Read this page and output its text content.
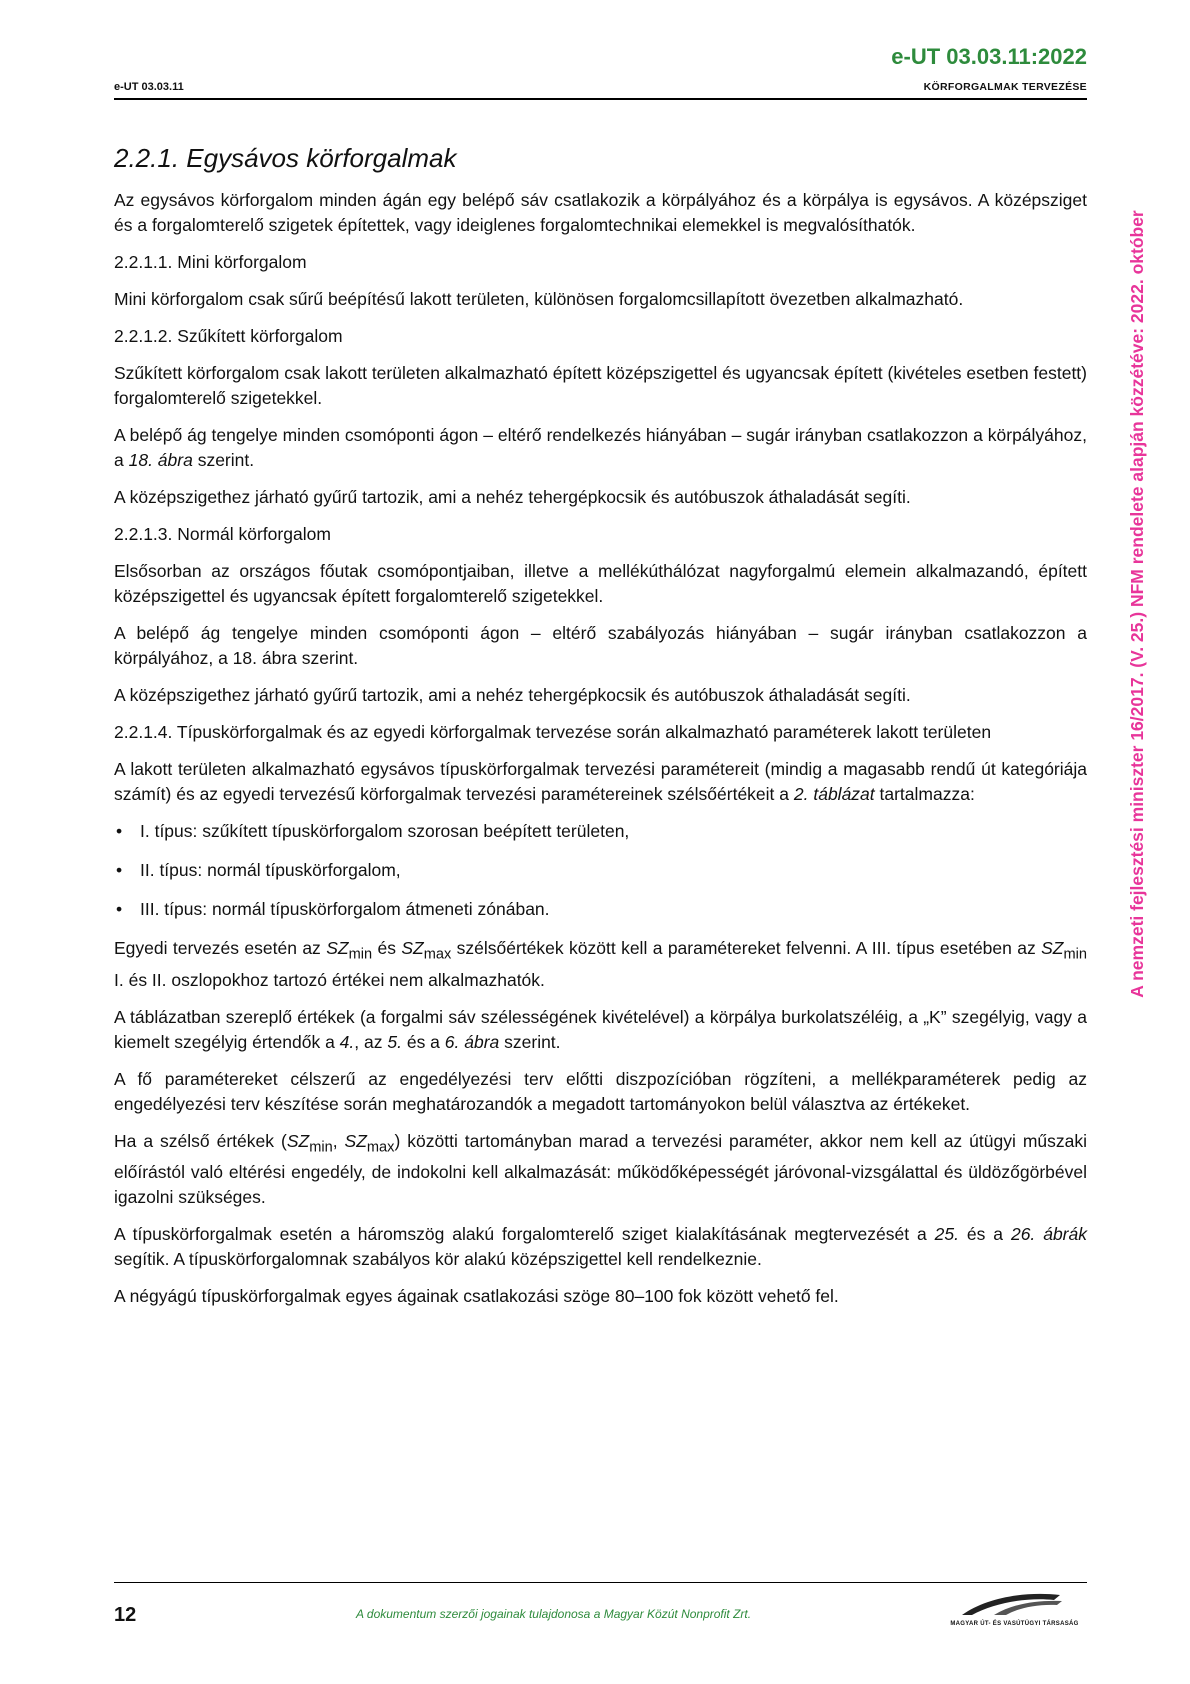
e-UT 03.03.11:2022
e-UT 03.03.11	KÖRFORGALMAK TERVEZÉSE
A nemzeti fejlesztési miniszter 16/2017. (V. 25.) NFM rendelete alapján közzétéve: 2022. október
2.2.1. Egysávos körforgalmak

Az egysávos körforgalom minden ágán egy belépő sáv csatlakozik a körpályához és a körpálya is egysávos. A középsziget és a forgalomterelő szigetek építettek, vagy ideiglenes forgalomtechnikai elemekkel is megvalósíthatók.

2.2.1.1. Mini körforgalom

Mini körforgalom csak sűrű beépítésű lakott területen, különösen forgalomcsillapított övezetben alkalmazható.

2.2.1.2. Szűkített körforgalom

Szűkített körforgalom csak lakott területen alkalmazható épített középszigettel és ugyancsak épített (kivételes esetben festett) forgalomterelő szigetekkel.

A belépő ág tengelye minden csomóponti ágon – eltérő rendelkezés hiányában – sugár irányban csatlakozzon a körpályához, a 18. ábra szerint.

A középszigethez járható gyűrű tartozik, ami a nehéz tehergépkocsik és autóbuszok áthaladását segíti.

2.2.1.3. Normál körforgalom

Elsősorban az országos főutak csomópontjaiban, illetve a mellékúthálózat nagyforgalmú elemein alkalmazandó, épített középszigettel és ugyancsak épített forgalomterelő szigetekkel.

A belépő ág tengelye minden csomóponti ágon – eltérő szabályozás hiányában – sugár irányban csatlakozzon a körpályához, a 18. ábra szerint.

A középszigethez járható gyűrű tartozik, ami a nehéz tehergépkocsik és autóbuszok áthaladását segíti.

2.2.1.4. Típuskörforgalmak és az egyedi körforgalmak tervezése során alkalmazható paraméterek lakott területen

A lakott területen alkalmazható egysávos típuskörforgalmak tervezési paramétereit (mindig a magasabb rendű út kategóriája számít) és az egyedi tervezésű körforgalmak tervezési paramétereinek szélsőértékeit a 2. táblázat tartalmazza:

• I. típus: szűkített típuskörforgalom szorosan beépített területen,
• II. típus: normál típuskörforgalom,
• III. típus: normál típuskörforgalom átmeneti zónában.

Egyedi tervezés esetén az $SZ_{min}$ és $SZ_{max}$ szélsőértékek között kell a paramétereket felvenni. A III. típus esetében az $SZ_{min}$ I. és II. oszlopokhoz tartozó értékei nem alkalmazhatók.

A táblázatban szereplő értékek (a forgalmi sáv szélességének kivételével) a körpálya burkolatszéléig, a „K” szegélyig, vagy a kiemelt szegélyig értendők a 4., az 5. és a 6. ábra szerint.

A fő paramétereket célszerű az engedélyezési terv előtti diszpozícióban rögzíteni, a mellékparaméterek pedig az engedélyezési terv készítése során meghatározandók a megadott tartományokon belül választva az értékeket.

Ha a szélső értékek ($SZ_{min}$, $SZ_{max}$) közötti tartományban marad a tervezési paraméter, akkor nem kell az útügyi műszaki előírástól való eltérési engedély, de indokolni kell alkalmazását: működőképességét járóvonal-vizsgálattal és üldözőgörbével igazolni szükséges.

A típuskörforgalmak esetén a háromszög alakú forgalomterelő sziget kialakításának megtervezését a 25. és a 26. ábrák segítik. A típuskörforgalomnak szabályos kör alakú középszigettel kell rendelkeznie.

A négyágú típuskörforgalmak egyes ágainak csatlakozási szöge 80–100 fok között vehető fel.

12	A dokumentum szerzői jogainak tulajdonosa a Magyar Közút Nonprofit Zrt.
MAGYAR ÚT- ÉS VASÚTÜGYI TÁRSASÁG
